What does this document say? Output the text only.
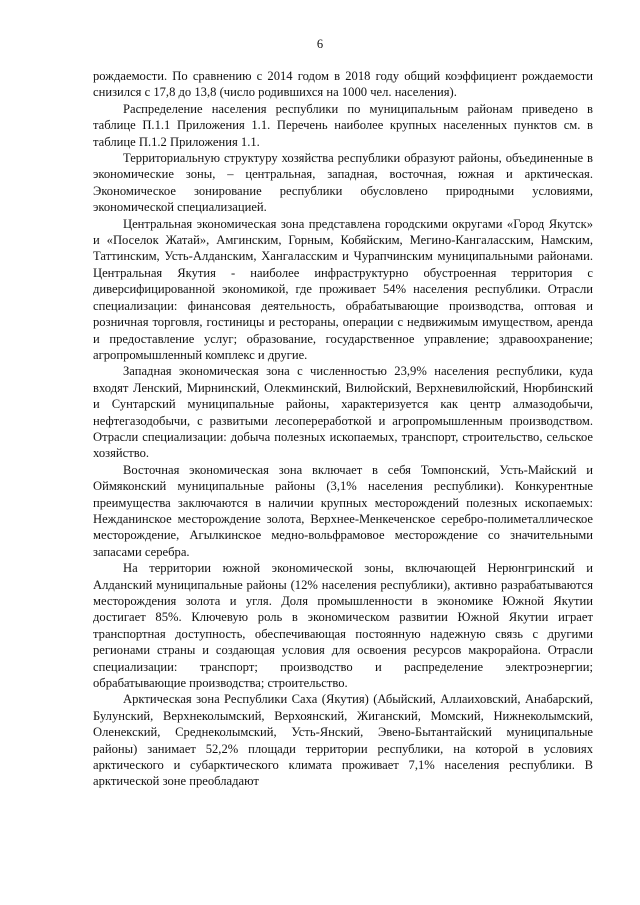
6

рождаемости. По сравнению с 2014 годом в 2018 году общий коэффициент рождаемости снизился с 17,8 до 13,8 (число родившихся на 1000 чел. населения).

Распределение населения республики по муниципальным районам приведено в таблице П.1.1 Приложения 1.1. Перечень наиболее крупных населенных пунктов см. в таблице П.1.2 Приложения 1.1.

Территориальную структуру хозяйства республики образуют районы, объединенные в экономические зоны, – центральная, западная, восточная, южная и арктическая. Экономическое зонирование республики обусловлено природными условиями, экономической специализацией.

Центральная экономическая зона представлена городскими округами «Город Якутск» и «Поселок Жатай», Амгинским, Горным, Кобяйским, Мегино-Кангаласским, Намским, Таттинским, Усть-Алданским, Хангаласским и Чурапчинским муниципальными районами. Центральная Якутия - наиболее инфраструктурно обустроенная территория с диверсифицированной экономикой, где проживает 54% населения республики. Отрасли специализации: финансовая деятельность, обрабатывающие производства, оптовая и розничная торговля, гостиницы и рестораны, операции с недвижимым имуществом, аренда и предоставление услуг; образование, государственное управление; здравоохранение; агропромышленный комплекс и другие.

Западная экономическая зона с численностью 23,9% населения республики, куда входят Ленский, Мирнинский, Олекминский, Вилюйский, Верхневилюйский, Нюрбинский и Сунтарский муниципальные районы, характеризуется как центр алмазодобычи, нефтегазодобычи, с развитыми лесопереработкой и агропромышленным производством. Отрасли специализации: добыча полезных ископаемых, транспорт, строительство, сельское хозяйство.

Восточная экономическая зона включает в себя Томпонский, Усть-Майский и Оймяконский муниципальные районы (3,1% населения республики). Конкурентные преимущества заключаются в наличии крупных месторождений полезных ископаемых: Нежданинское месторождение золота, Верхнее-Менкеченское серебро-полиметаллическое месторождение, Агылкинское медно-вольфрамовое месторождение со значительными запасами серебра.

На территории южной экономической зоны, включающей Нерюнгринский и Алданский муниципальные районы (12% населения республики), активно разрабатываются месторождения золота и угля. Доля промышленности в экономике Южной Якутии достигает 85%. Ключевую роль в экономическом развитии Южной Якутии играет транспортная доступность, обеспечивающая постоянную надежную связь с другими регионами страны и создающая условия для освоения ресурсов макрорайона. Отрасли специализации: транспорт; производство и распределение электроэнергии; обрабатывающие производства; строительство.

Арктическая зона Республики Саха (Якутия) (Абыйский, Аллаиховский, Анабарский, Булунский, Верхнеколымский, Верхоянский, Жиганский, Момский, Нижнеколымский, Оленекский, Среднеколымский, Усть-Янский, Эвено-Бытантайский муниципальные районы) занимает 52,2% площади территории республики, на которой в условиях арктического и субарктического климата проживает 7,1% населения республики. В арктической зоне преобладают
